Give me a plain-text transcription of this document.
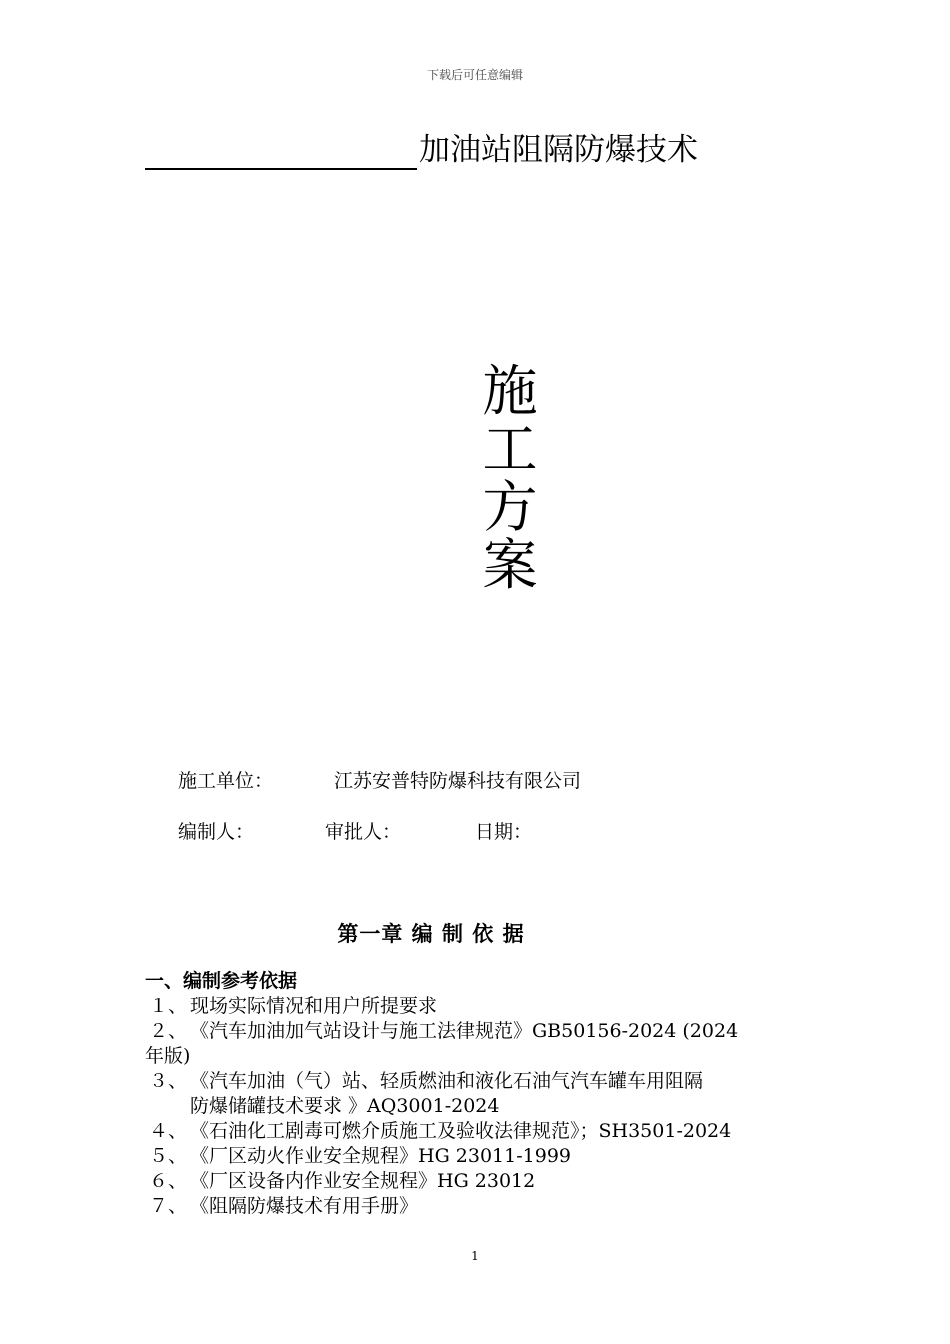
下载后可任意编辑
加油站阻隔防爆技术
施
工
方
案
施工单位：	江苏安普特防爆科技有限公司
编制人：	审批人：	日期：
第一章 编 制 依 据
一、编制参考依据
１、 现场实际情况和用户所提要求
２、 《汽车加油加气站设计与施工法律规范》GB50156-2024 (2024
年版)
３、 《汽车加油（气）站、轻质燃油和液化石油气汽车罐车用阻隔
防爆储罐技术要求 》AQ3001-2024
４、 《石油化工剧毒可燃介质施工及验收法律规范》；SH3501-2024
５、 《厂区动火作业安全规程》HG 23011-1999
６、 《厂区设备内作业安全规程》HG 23012
７、 《阻隔防爆技术有用手册》
1
